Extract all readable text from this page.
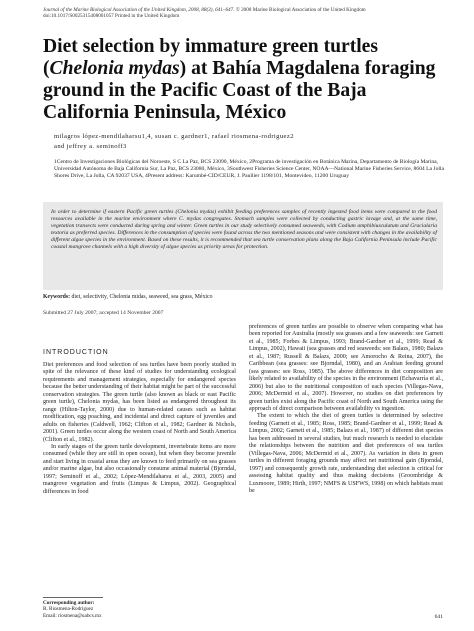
Journal of the Marine Biological Association of the United Kingdom, 2008, 88(3), 641–647. © 2008 Marine Biological Association of the United Kingdom
doi:10.1017/S0025315408001057 Printed in the United Kingdom
Diet selection by immature green turtles (Chelonia mydas) at Bahía Magdalena foraging ground in the Pacific Coast of the Baja California Peninsula, México
milagros lópez-mendilaharsu1,4, susan c. gardner1, rafael riosmena-rodriguez2
and jeffrey a. seminoff3
1Centro de Investigaciones Biológicas del Noroeste, S C La Paz, BCS 23090, México, 2Programa de investigación en Botánica Marina, Departamento de Biología Marina, Universidad Autónoma de Baja California Sur, La Paz, BCS 23080, México, 3Southwest Fisheries Science Center, NOAA—National Marine Fisheries Service, 8604 La Jolla Shores Drive, La Jolla, CA 92037 USA, 4Present address: Karumbé-CID/CEUR, J. Paullier 1198/101, Montevideo, 11200 Uruguay
In order to determine if eastern Pacific green turtles (Chelonia mydas) exhibit feeding preferences samples of recently ingested food items were compared to the food resources available in the marine environment where C. mydas congregates. Stomach samples were collected by conducting gastric lavage and, at the same time, vegetation transects were conducted during spring and winter. Green turtles in our study selectively consumed seaweeds, with Codium amphibiusculatum and Gracialaria textoria as preferred species. Differences in the consumption of species were found across the two mentioned seasons and were consistent with changes in the availability of different algae species in the environment. Based on these results, it is recommended that sea turtle conservation plans along the Baja California Peninsula include Pacific coastal mangrove channels with a high diversity of algae species as priority areas for protection.
Keywords: diet, selectivity, Chelonia midas, seaweed, sea grass, México
Submitted 27 July 2007; accepted 14 November 2007
INTRODUCTION

Diet preferences and food selection of sea turtles have been poorly studied in spite of the relevance of these kind of studies for understanding ecological requirements and management strategies, especially for endangered species because the better understanding of their habitat might be part of the successful conservation strategies. The green turtle (also known as black or east Pacific green turtle), Chelonia mydas, has been listed as endangered throughout its range (Hilton-Taylor, 2000) due to human-related causes such as habitat modification, egg poaching, and incidental and direct capture of juveniles and adults on fisheries (Caldwell, 1962; Clifton et al., 1982; Gardner & Nichols, 2001). Green turtles occur along the western coast of North and South America (Clifton et al., 1982).

In early stages of the green turtle development, invertebrate items are more consumed (while they are still in open ocean), but when they become juvenile and start living in coastal areas they are known to feed primarily on sea grasses and/or marine algae, but also occasionally consume animal material (Bjorndal, 1997; Seminoff et al., 2002; López-Mendilaharsu et al., 2003, 2005) and mangrove vegetation and fruits (Limpus & Limpus, 2002). Geographical differences in food

preferences of green turtles are possible to observe when comparing what has been reported for Australia (mostly sea grasses and a few seaweeds: see Garnett et al., 1985; Forbes & Limpus, 1993; Brand-Gardner et al., 1999; Read & Limpus, 2002), Hawaii (sea grasses and red seaweeds: see Balazs, 1980; Balazs et al., 1987; Russell & Balazs, 2000; see Amorocho & Reina, 2007), the Caribbean (sea grasses: see Bjorndal, 1980), and an Arabian feeding ground (sea grasses: see Ross, 1985). The above differences in diet composition are likely related to availability of the species in the environment (Echavarría et al., 2006) but also to the nutritional composition of each species (Villegas-Nava, 2006; McDermid et al., 2007). However, no studies on diet preferences by green turtles exist along the Pacific coast of North and South America using the approach of direct comparison between availability vs ingestion.

The extent to which the diet of green turtles is determined by selective feeding (Garnett et al., 1985; Ross, 1985; Brand-Gardner et al., 1999; Read & Limpus, 2002; Garnett et al., 1985; Balazs et al., 1987) of different diet species has been addressed in several studies, but much research is needed to elucidate the relationships between the nutrition and diet preferences of sea turtles (Villegas-Nava, 2006; McDermid et al., 2007). As variation in diets in green turtles in different foraging grounds may affect net nutritional gain (Bjorndal, 1997) and consequently growth rate, understanding diet selection is critical for assessing habitat quality and thus making decisions (Groombridge & Luxmoore, 1989; Hirth, 1997; NMFS & USFWS, 1998) on which habitats must be

Corresponding author:
R. Riosmena-Rodriguez
Email: riosmena@uabcs.mx	641
